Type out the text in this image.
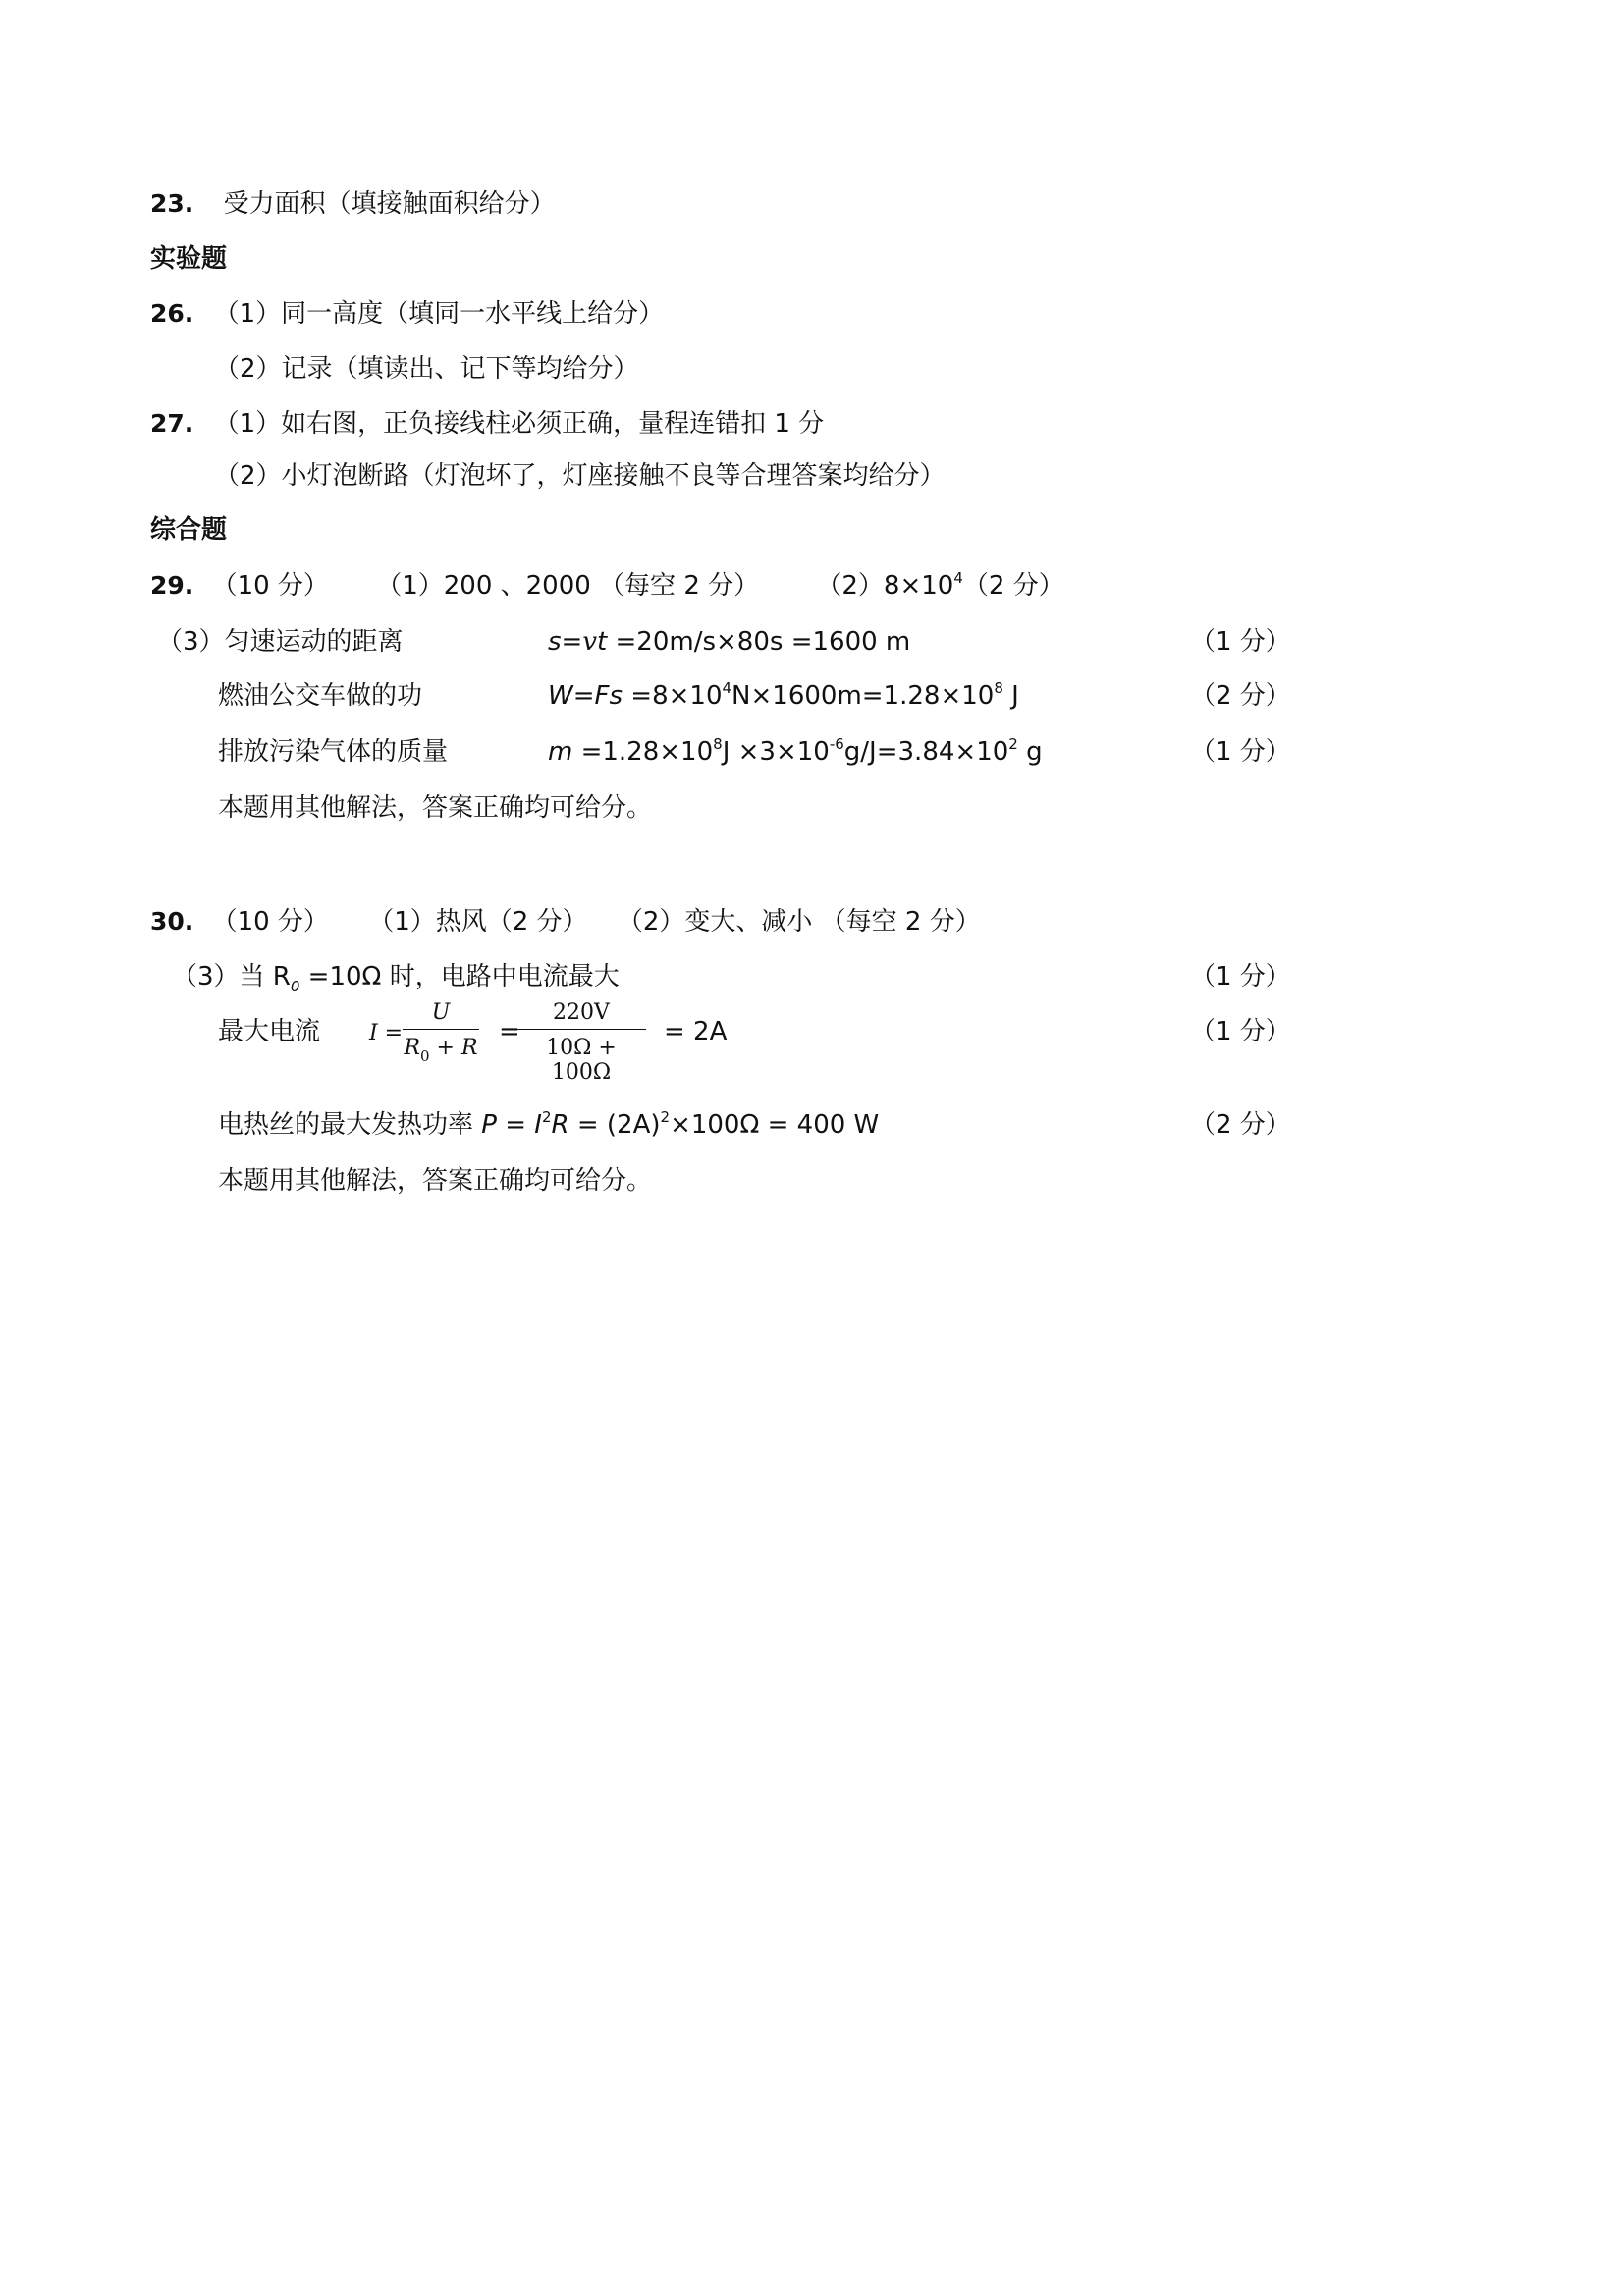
23. 受力面积（填接触面积给分）
实验题
26. （1）同一高度（填同一水平线上给分）
（2）记录（填读出、记下等均给分）
27. （1）如右图，正负接线柱必须正确，量程连错扣 1 分
（2）小灯泡断路（灯泡坏了，灯座接触不良等合理答案均给分）
综合题
29. （10 分） （1）200 、2000 （每空 2 分） $(2)8\times 10^4(2$ 分）
（3）匀速运动的距离	s=vt =20m/s×80s =1600 m	（1 分）
燃油公交车做的功	$W=Fs =8\times 10^4N\times 1600m=1.28\times 10^8$ J	（2 分）
排放污染气体的质量	$m =1.28\times 10^8J \times 3\times 10^{-6}g/J=3.84\times 10^2$ g	（1 分）
本题用其他解法，答案正确均可给分。
30. （10 分） （1）热风（2 分） （2）变大、减小 （每空 2 分）
（3）当 $R_0 =10\Omega$ 时，电路中电流最大	（1 分）
最大电流 I =
U
$R_0 + R$
=
220V
10Ω + 100Ω
= 2A	（1 分）
电热丝的最大发热功率 $P = I^2R = (2A)^2\times 100\Omega = 400$ W	（2 分）
本题用其他解法，答案正确均可给分。
